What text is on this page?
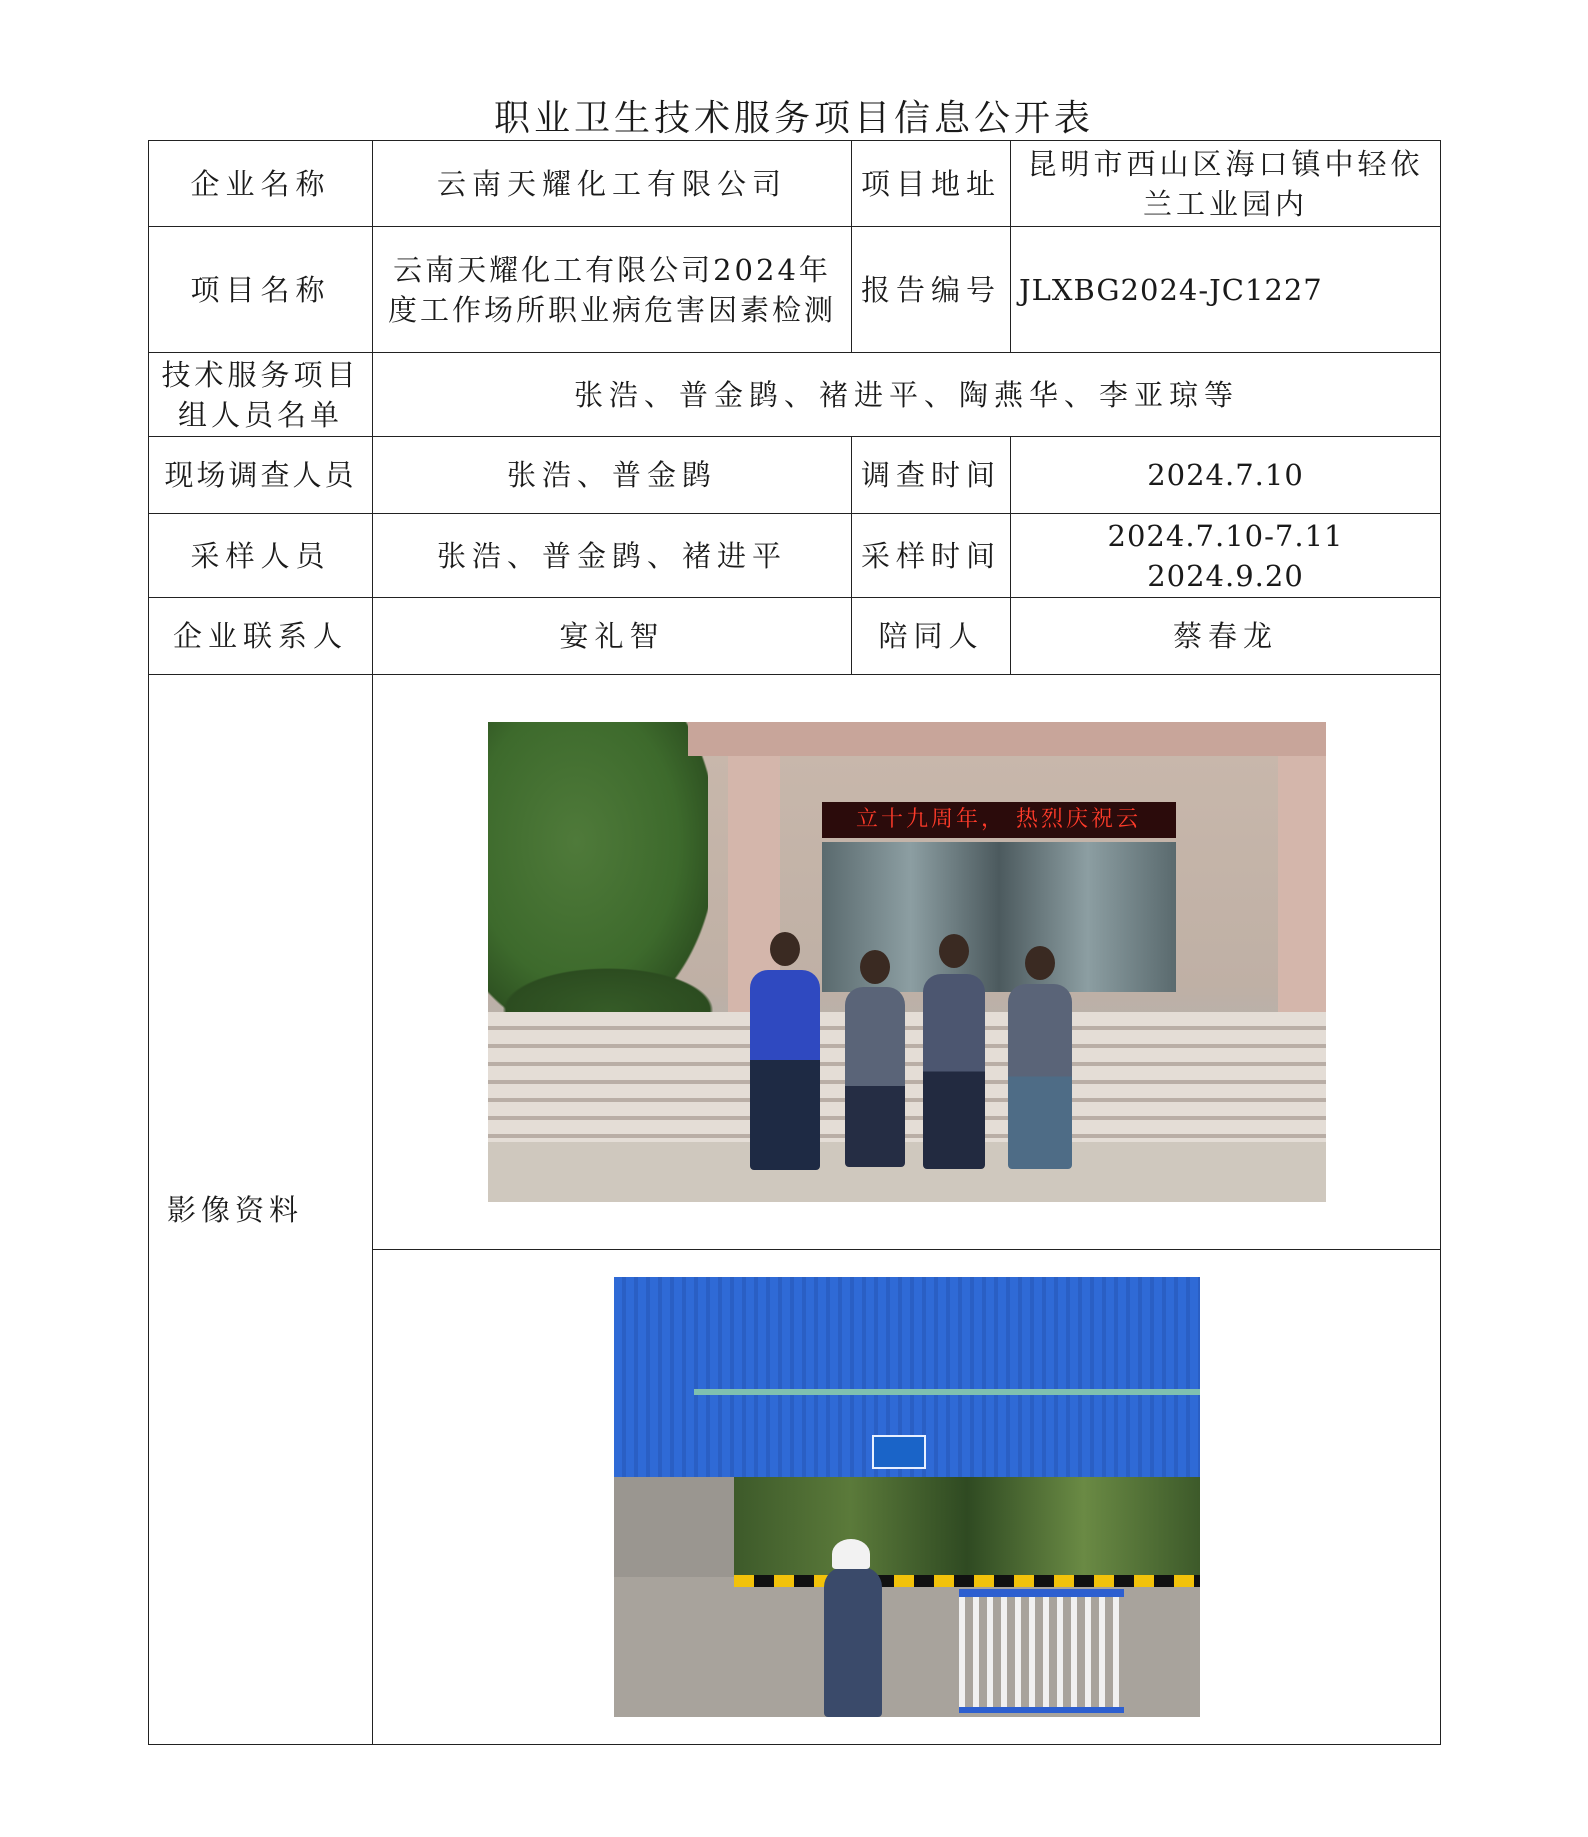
职业卫生技术服务项目信息公开表
企业名称	云南天耀化工有限公司	项目地址	昆明市西山区海口镇中轻依兰工业园内
项目名称	云南天耀化工有限公司2024年度工作场所职业病危害因素检测	报告编号	JLXBG2024-JC1227
技术服务项目组人员名单	张浩、普金鹍、褚进平、陶燕华、李亚琼等		
现场调查人员	张浩、普金鹍	调查时间	2024.7.10
采样人员	张浩、普金鹍、褚进平	采样时间	2024.7.10-7.11
2024.9.20

企业联系人	宴礼智	陪同人	蔡春龙
影像资料	立十九周年， 热烈庆祝云		
